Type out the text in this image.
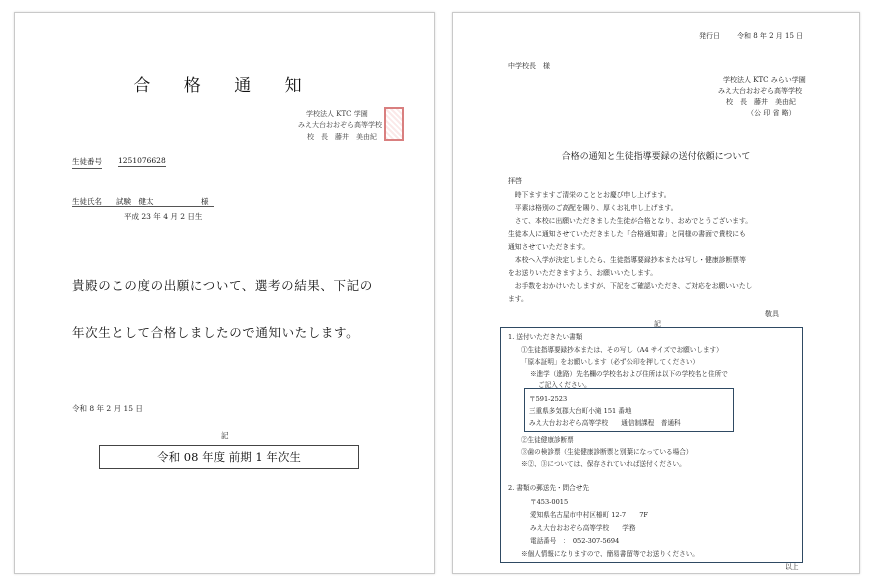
合 格 通 知
学校法人 KTC 学園
みえ大台おおぞら高等学校
校　長　藤井　美由紀
生徒番号 1251076628
生徒氏名 試験　健太	様
平成 23 年 4 月 2 日生
貴殿のこの度の出願について、選考の結果、下記の
年次生として合格しましたので通知いたします。
令和 8 年 2 月 15 日
記
令和 08 年度 前期 1 年次生
発行日 令和 8 年 2 月 15 日
中学校長　様
学校法人 KTC みらい学園
みえ大台おおぞら高等学校
校　長　藤井　美由紀
（公 印 省 略）
合格の通知と生徒指導要録の送付依頼について
拝啓
　時下ますますご清栄のこととお慶び申し上げます。
　平素は格別のご高配を賜り、厚くお礼申し上げます。
　さて、本校に出願いただきました生徒が合格となり、おめでとうございます。
生徒本人に通知させていただきました「合格通知書」と同様の書面で貴校にも
通知させていただきます。
　本校へ入学が決定しましたら、生徒指導要録抄本または写し・健康診断票等
をお送りいただきますよう、お願いいたします。
　お手数をおかけいたしますが、下記をご確認いただき、ご対応をお願いいたし
ます。
敬具
記
1. 送付いただきたい書類
①生徒指導要録抄本または、その写し（A4 サイズでお願いします）
「原本証明」をお願いします（必ず公印を押してください）
※進学（進路）先名欄の学校名および住所は以下の学校名と住所で
ご記入ください。
〒591-2523
三重県多気郡大台町小滝 151 番地
みえ大台おおぞら高等学校　　通信制課程　普通科
②生徒健康診断票
③歯の検診票（生徒健康診断票と別葉になっている場合）
※②、③については、保存されていれば送付ください。
2. 書類の郵送先・問合せ先
〒453-0015
愛知県名古屋市中村区椿町 12-7　　7F
みえ大台おおぞら高等学校　　学務
電話番号　：　052-307-5694
※個人情報になりますので、簡易書留等でお送りください。
以上
